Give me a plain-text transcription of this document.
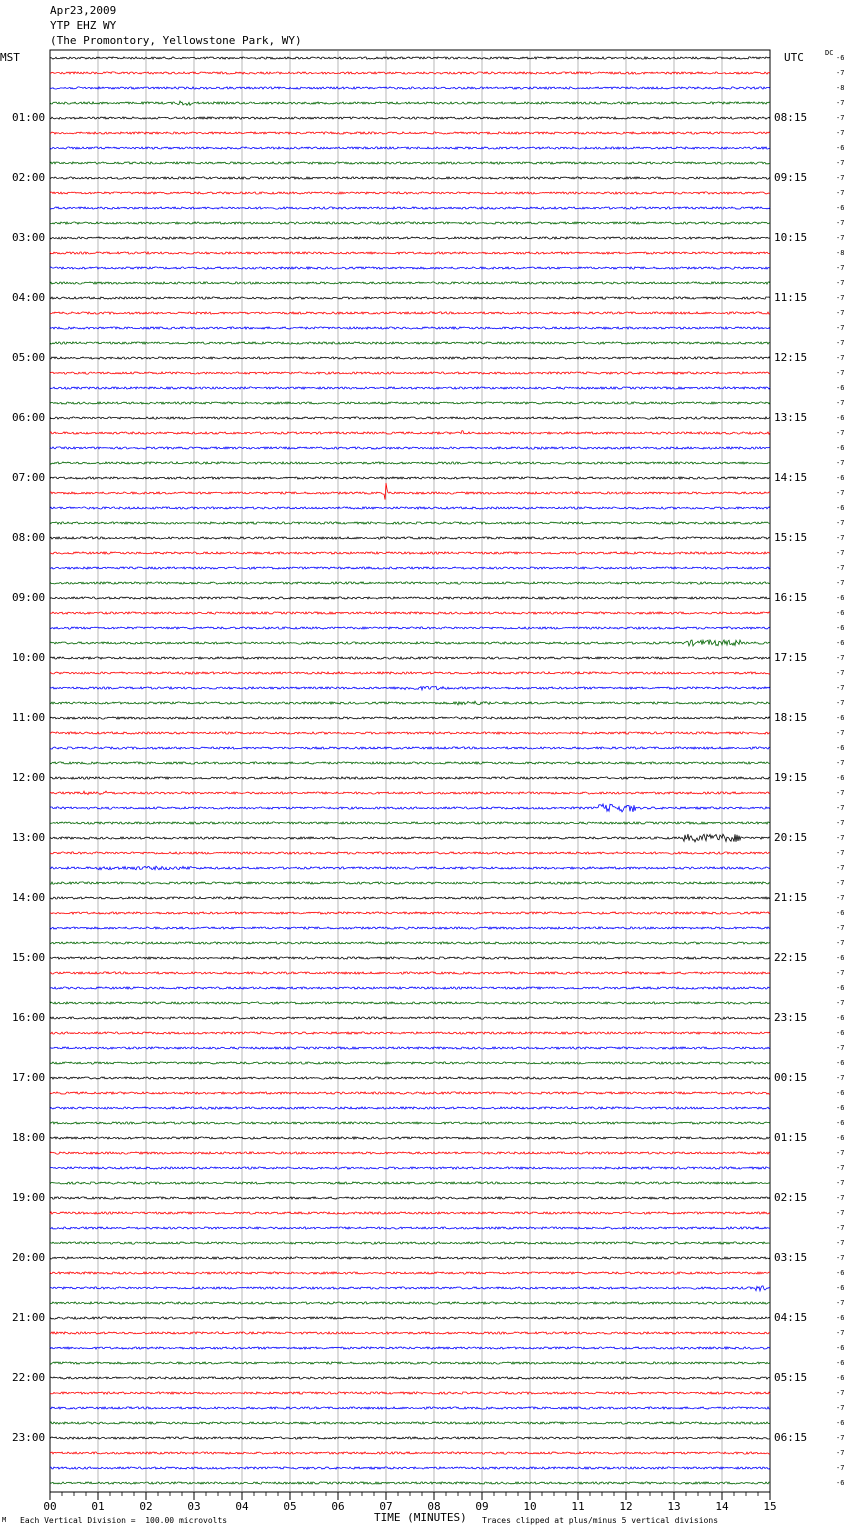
Apr23,2009
YTP EHZ WY
(The Promontory, Yellowstone Park, WY)
MST	UTC	DC
00	01	02	03	04	05	06	07	08	09	10	11	12	13	14	15
01:00	08:15
02:00	09:15
03:00	10:15
04:00	11:15
05:00	12:15
06:00	13:15
07:00	14:15
08:00	15:15
09:00	16:15
10:00	17:15
11:00	18:15
12:00	19:15
13:00	20:15
14:00	21:15
15:00	22:15
16:00	23:15
17:00	00:15
18:00	01:15
19:00	02:15
20:00	03:15
21:00	04:15
22:00	05:15
23:00	06:15
-6
-7
-8
-7
-7
-7
-6
-7
-7
-7
-6
-7
-7
-8
-7
-7
-7
-7
-7
-7
-7
-7
-6
-7
-6
-7
-6
-7
-6
-7
-6
-7
-7
-7
-7
-7
-6
-6
-6
-6
-7
-7
-7
-7
-6
-7
-6
-7
-6
-7
-7
-7
-7
-7
-7
-7
-7
-6
-7
-7
-6
-7
-6
-7
-6
-6
-7
-6
-7
-6
-6
-6
-6
-7
-7
-7
-7
-7
-7
-7
-7
-6
-6
-7
-6
-7
-6
-6
-6
-7
-7
-6
-7
-7
-7
-6
M Each Vertical Division =  100.00 microvolts	TIME (MINUTES) Traces clipped at plus/minus 5 vertical divisions
